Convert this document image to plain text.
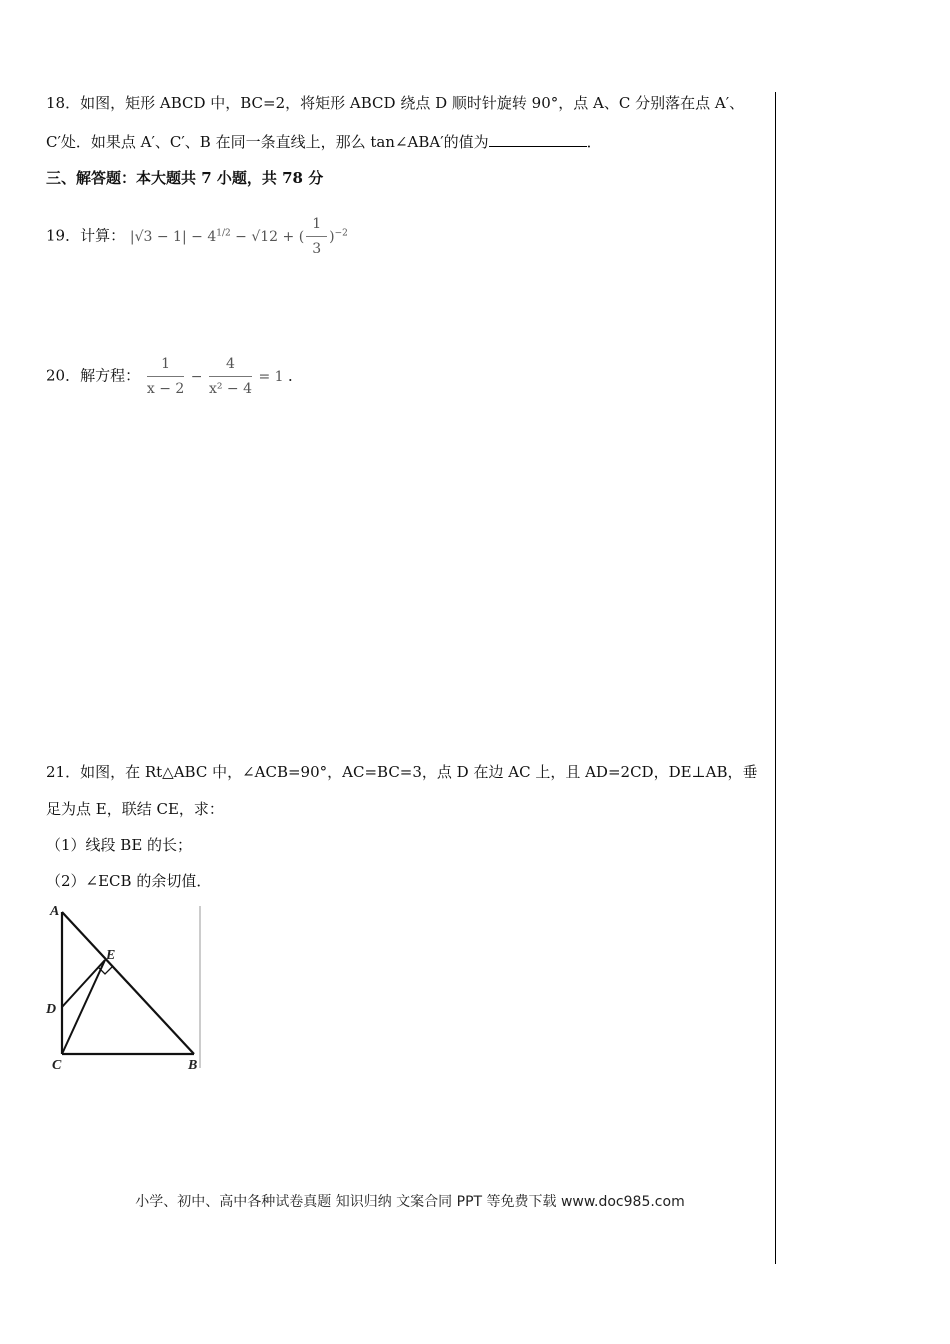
18．如图，矩形 ABCD 中，BC=2，将矩形 ABCD 绕点 D 顺时针旋转 90°，点 A、C 分别落在点 A′、
C′处．如果点 A′、C′、B 在同一条直线上，那么 tan∠ABA′的值为	．
三、解答题：本大题共 7 小题，共 78 分
19．计算： $|√3 - 1| - 4^{1/2} - √12$ + ( $\frac{1}{3} )^{-2}$
20．解方程： $\frac{1}{x - 2} - \frac{4}{\text{x² − 4}} = 1$ ．
21．如图，在 Rt△ABC 中，∠ACB=90°，AC=BC=3，点 D 在边 AC 上，且 AD=2CD，DE⊥AB，垂
足为点 E，联结 CE，求：
（1）线段 BE 的长；
（2）∠ECB 的余切值．
A
E
D
C	B
小学、初中、高中各种试卷真题 知识归纳 文案合同 PPT 等免费下载 www.doc985.com
